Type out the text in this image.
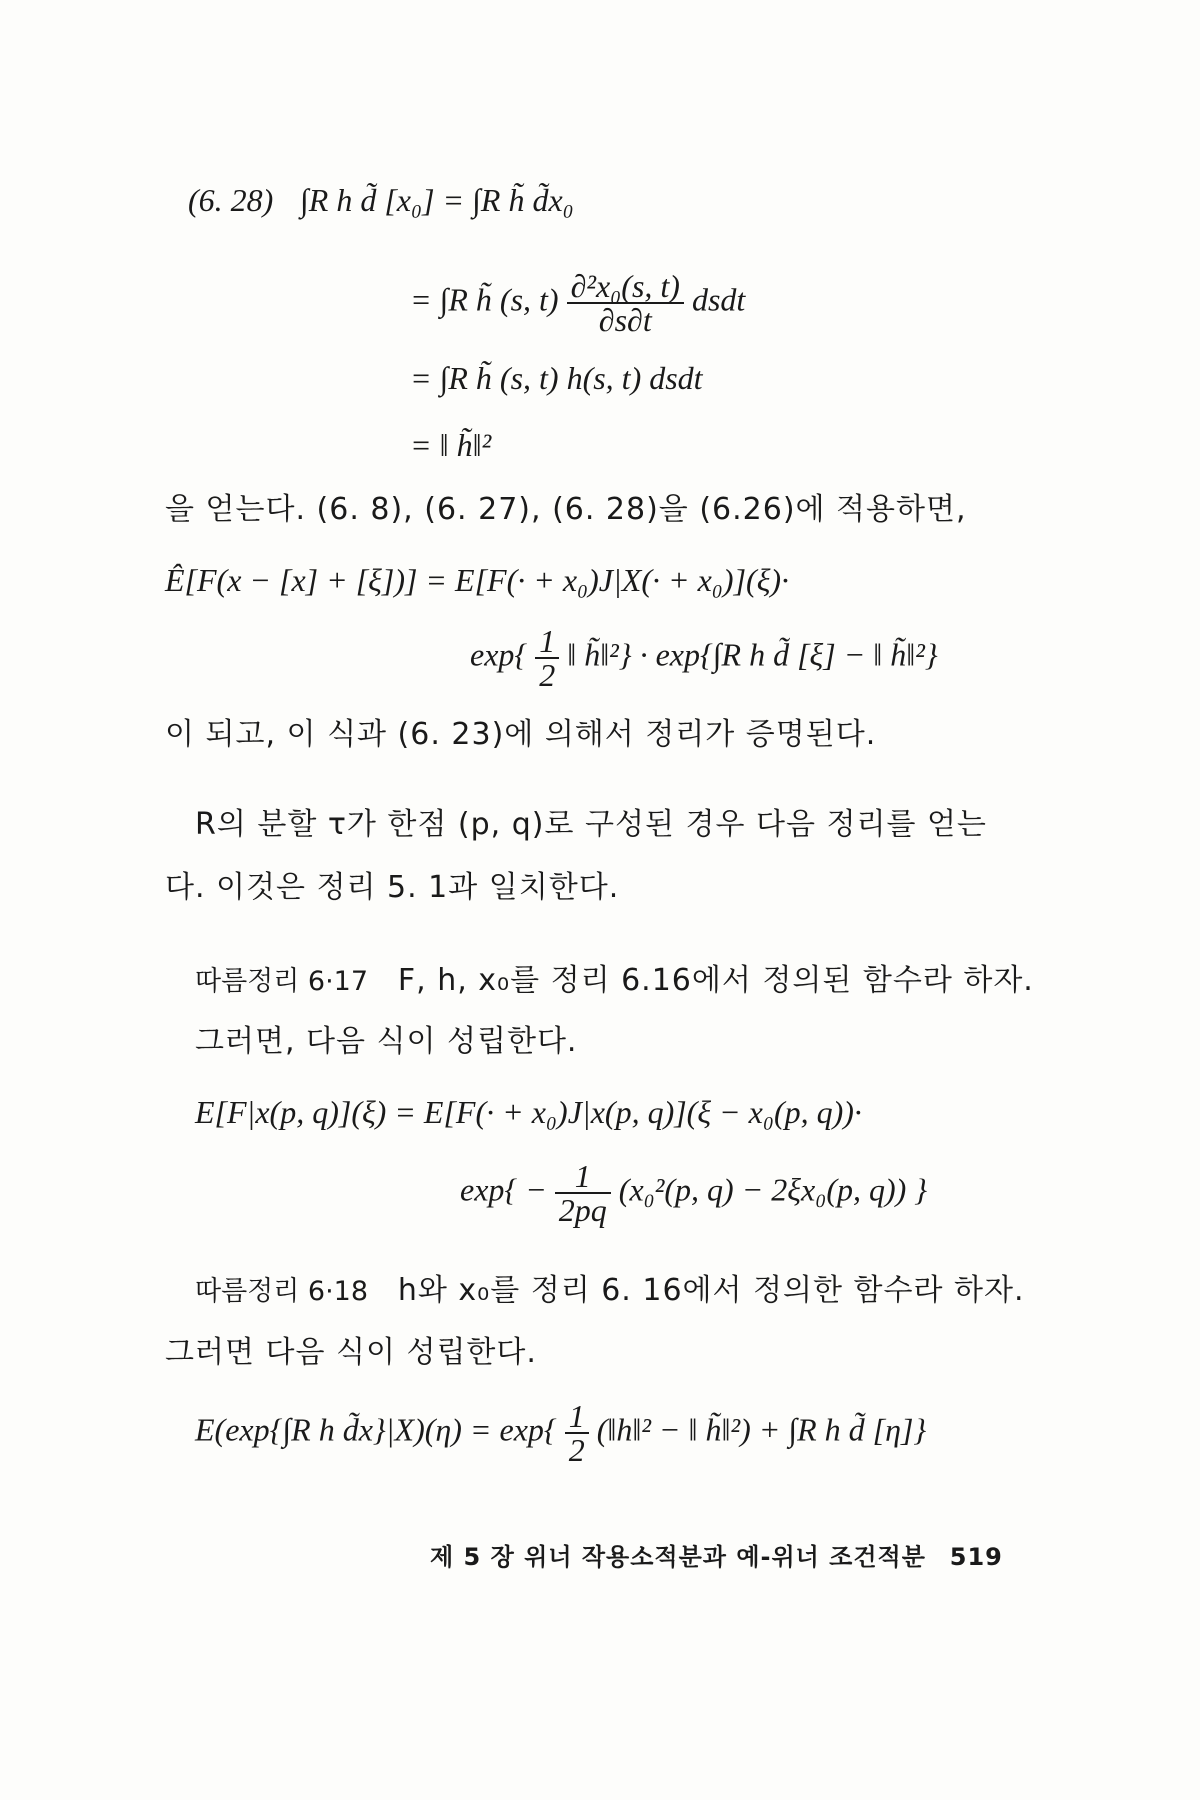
(6. 28) ∫R h d̃ [x₀] = ∫R h̃ d̃x₀
= ∫R h̃ (s, $t) \frac{\text{∂²x₀(s, t)}}{\partial s\partial t}$ dsdt
= ∫R h̃ (s, t) h(s, t) dsdt
= ‖ h̃‖²
을 얻는다. (6. 8), (6. 27), (6. 28)을 (6.26)에 적용하면,
Ê[F(x − [x] + [ξ])] = E[F(· + x₀)J|X(· + x₀)](ξ)·
$\exp\{ \frac{1}{2}$ ‖ h̃‖²} · exp{∫R h d̃ [ξ] − ‖ h̃‖²}
이 되고, 이 식과 (6. 23)에 의해서 정리가 증명된다.
R의 분할 τ가 한점 (p, q)로 구성된 경우 다음 정리를 얻는
다. 이것은 정리 5. 1과 일치한다.
따름정리 6·17 F, h, x₀를 정리 6.16에서 정의된 함수라 하자.
그러면, 다음 식이 성립한다.
E[F|x(p, q)](ξ) = E[F(· + x₀)J|x(p, q)](ξ − x₀(p, q))·
$\exp\{ - \frac{1}{2pq} (x_0^2(p$, q) − 2ξx₀(p, q)) }
따름정리 6·18 h와 x₀를 정리 6. 16에서 정의한 함수라 하자.
그러면 다음 식이 성립한다.
E(exp{∫R h d̃x}|X)(η) = $\exp\{ \frac{1}{2}$ (‖h‖² − ‖ h̃‖²) + ∫R h d̃ [η]}
제 5 장 위너 작용소적분과 예-위너 조건적분 519
